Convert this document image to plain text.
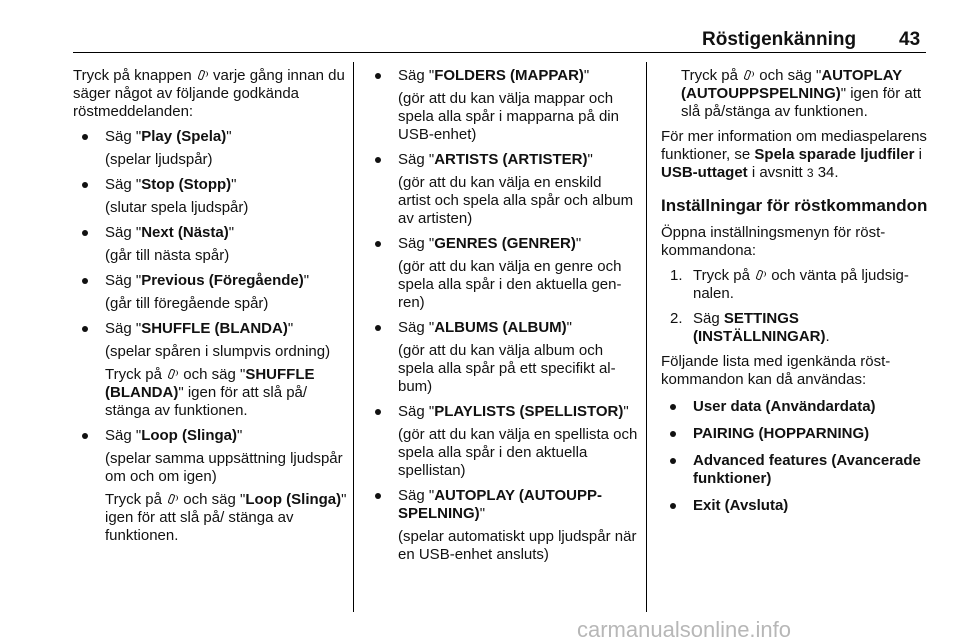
Röstigenkänning 43

Tryck på knappen  varje gång innan du säger något av följande godkända röstmeddelanden:

Säg "Play (Spela)"

(spelar ljudspår)

Säg "Stop (Stopp)"

(slutar spela ljudspår)

Säg "Next (Nästa)"

(går till nästa spår)

Säg "Previous (Föregående)"

(går till föregående spår)

Säg "SHUFFLE (BLANDA)"

(spelar spåren i slumpvis ordning)

Tryck på  och säg "SHUFFLE (BLANDA)" igen för att slå på/ stänga av funktionen.

Säg "Loop (Slinga)"

(spelar samma uppsättning ljudspår om och om igen)

Tryck på  och säg "Loop (Slinga)" igen för att slå på/ stänga av funktionen.

Säg "FOLDERS (MAPPAR)"

(gör att du kan välja mappar och spela alla spår i mapparna på din USB-enhet)

Säg "ARTISTS (ARTISTER)"

(gör att du kan välja en enskild artist och spela alla spår och album av artisten)

Säg "GENRES (GENRER)"

(gör att du kan välja en genre och spela alla spår i den aktuella genren)

Säg "ALBUMS (ALBUM)"

(gör att du kan välja album och spela alla spår på ett specifikt album)

Säg "PLAYLISTS (SPELLISTOR)"

(gör att du kan välja en spellista och spela alla spår i den aktuella spellistan)

Säg "AUTOPLAY (AUTOUPPSPELNING)"

(spelar automatiskt upp ljudspår när en USB-enhet ansluts)

Tryck på  och säg "AUTOPLAY (AUTOUPPSPELNING)" igen för att slå på/stänga av funktionen.

För mer information om mediaspelarens funktioner, se Spela sparade ljudfiler i USB-uttaget i avsnitt 3 34.

Inställningar för röstkommandon

Öppna inställningsmenyn för röstkommandona:

1. Tryck på  och vänta på ljudsignalen.

2. Säg SETTINGS (INSTÄLLNINGAR).

Följande lista med igenkända röstkommandon kan då användas:

User data (Användardata)

PAIRING (HOPPARNING)

Advanced features (Avancerade funktioner)

Exit (Avsluta)

carmanualsonline.info
